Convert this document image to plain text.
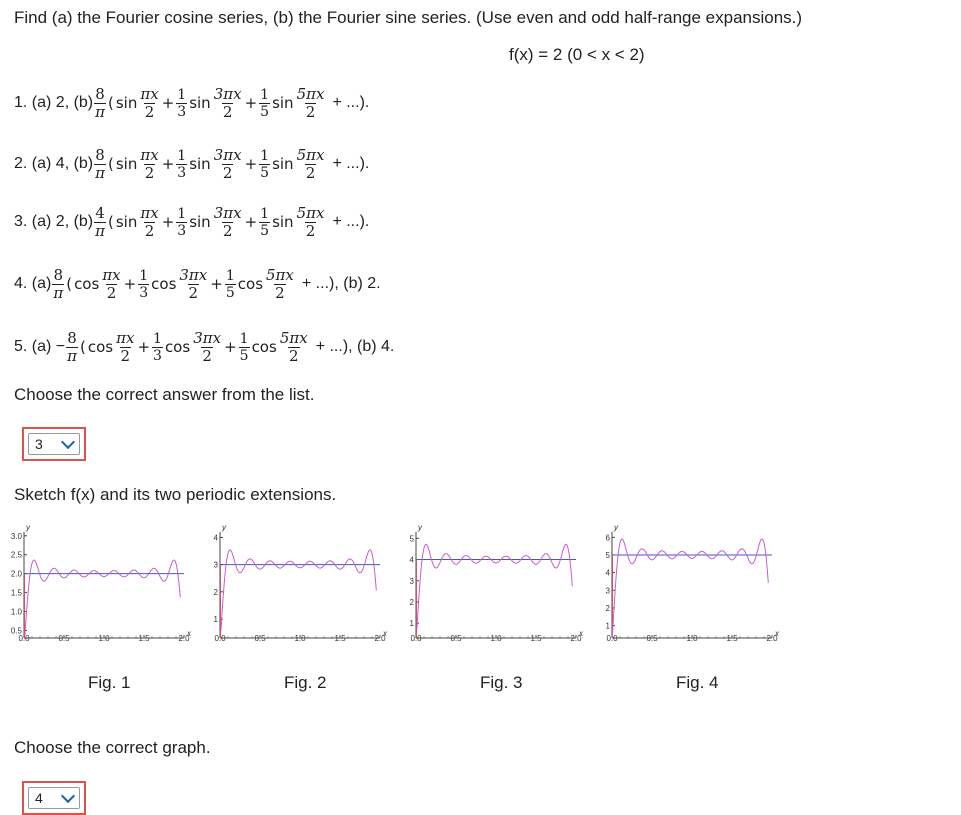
Find (a) the Fourier cosine series, (b) the Fourier sine series. (Use even and odd half-range expansions.)
f(x) = 2 (0 < x < 2)
1. (a) 2, $(b) \frac{8}{\pi}$ ( $\sin \frac{\pi x}{2} + \frac{1}{3}$ $\sin \frac{3\pi x}{2} + \frac{1}{5}$ $\sin \frac{5\pi x}{2}$ + ...).
2. (a) 4, $(b) \frac{8}{\pi}$ ( $\sin \frac{\pi x}{2} + \frac{1}{3}$ $\sin \frac{3\pi x}{2} + \frac{1}{5}$ $\sin \frac{5\pi x}{2}$ + ...).
3. (a) 2, $(b) \frac{4}{\pi}$ ( $\sin \frac{\pi x}{2} + \frac{1}{3}$ $\sin \frac{3\pi x}{2} + \frac{1}{5}$ $\sin \frac{5\pi x}{2}$ + ...).
4. $(a) \frac{8}{\pi}$ ( $\cos \frac{\pi x}{2} + \frac{1}{3}$ $\cos \frac{3\pi x}{2} + \frac{1}{5}$ $\cos \frac{5\pi x}{2}$ + ...), (b) 2.
5. $(a) - \frac{8}{\pi}$ ( $\cos \frac{\pi x}{2} + \frac{1}{3}$ $\cos \frac{3\pi x}{2} + \frac{1}{5}$ $\cos \frac{5\pi x}{2}$ + ...), (b) 4.
Choose the correct answer from the list.
3
Sketch f(x) and its two periodic extensions.
0.5
1.0
1.5
2.0
2.5
3.0
0.0	0.5	1.0	1.5	2.0
x
y
Fig. 1
1
2
3
4
0.0	0.5	1.0	1.5	2.0
x
y
Fig. 2
1
2
3
4
5
0.0	0.5	1.0	1.5	2.0
x
y
Fig. 3
1
2
3
4
5
6
0.0	0.5	1.0	1.5	2.0
x
y
Fig. 4
Choose the correct graph.
4
